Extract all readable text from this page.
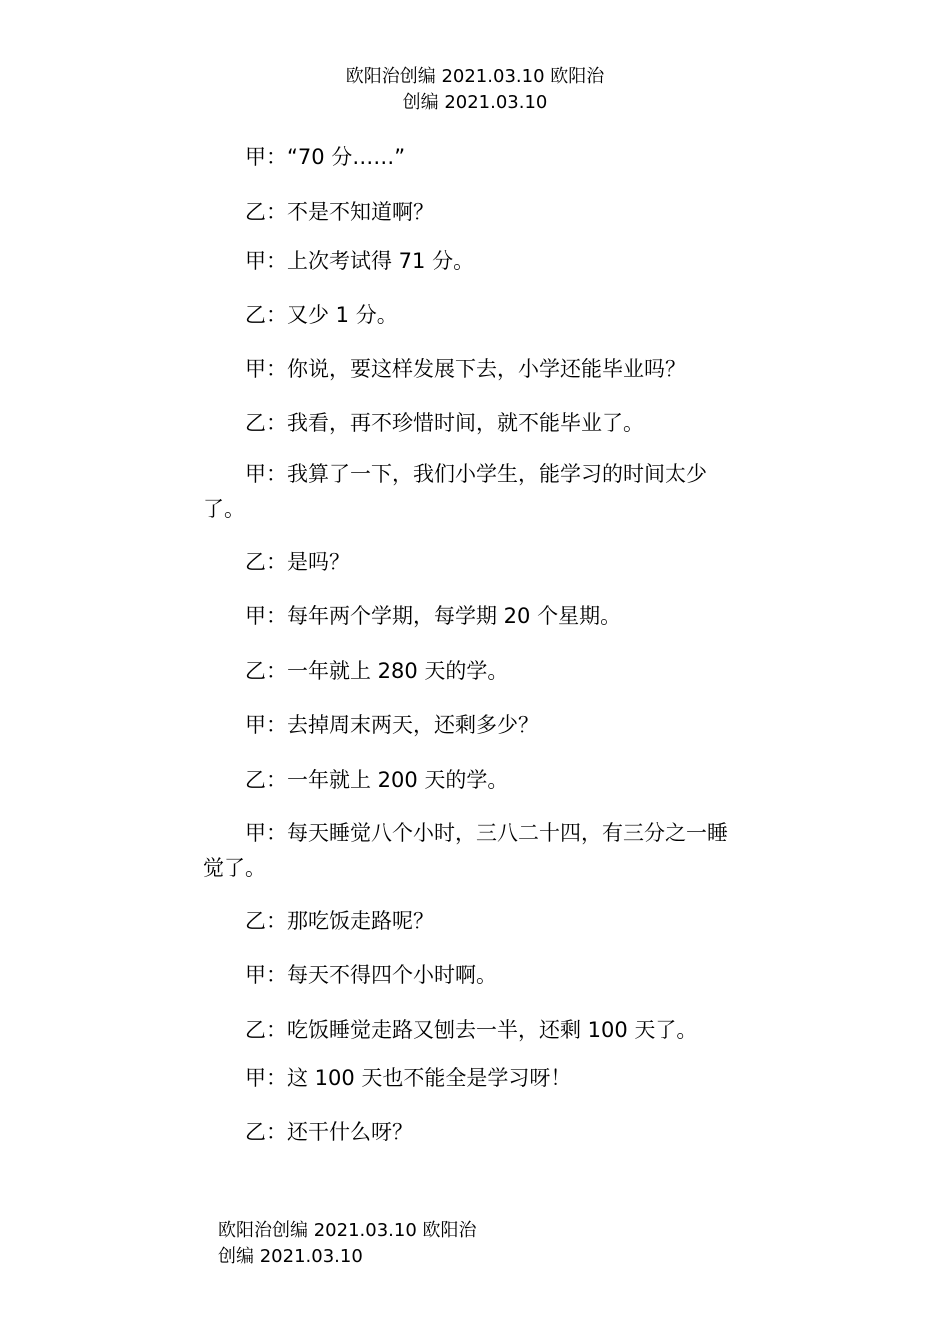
欧阳治创编 2021.03.10 欧阳治
创编 2021.03.10

甲：“70 分……”

乙：不是不知道啊？

甲：上次考试得 71 分。

乙：又少 1 分。

甲：你说，要这样发展下去，小学还能毕业吗？

乙：我看，再不珍惜时间，就不能毕业了。

甲：我算了一下，我们小学生，能学习的时间太少了。

乙：是吗？

甲：每年两个学期，每学期 20 个星期。

乙：一年就上 280 天的学。

甲：去掉周末两天，还剩多少？

乙：一年就上 200 天的学。

甲：每天睡觉八个小时，三八二十四，有三分之一睡觉了。

乙：那吃饭走路呢？

甲：每天不得四个小时啊。

乙：吃饭睡觉走路又刨去一半，还剩 100 天了。

甲：这 100 天也不能全是学习呀！

乙：还干什么呀？

欧阳治创编 2021.03.10 欧阳治
创编 2021.03.10
